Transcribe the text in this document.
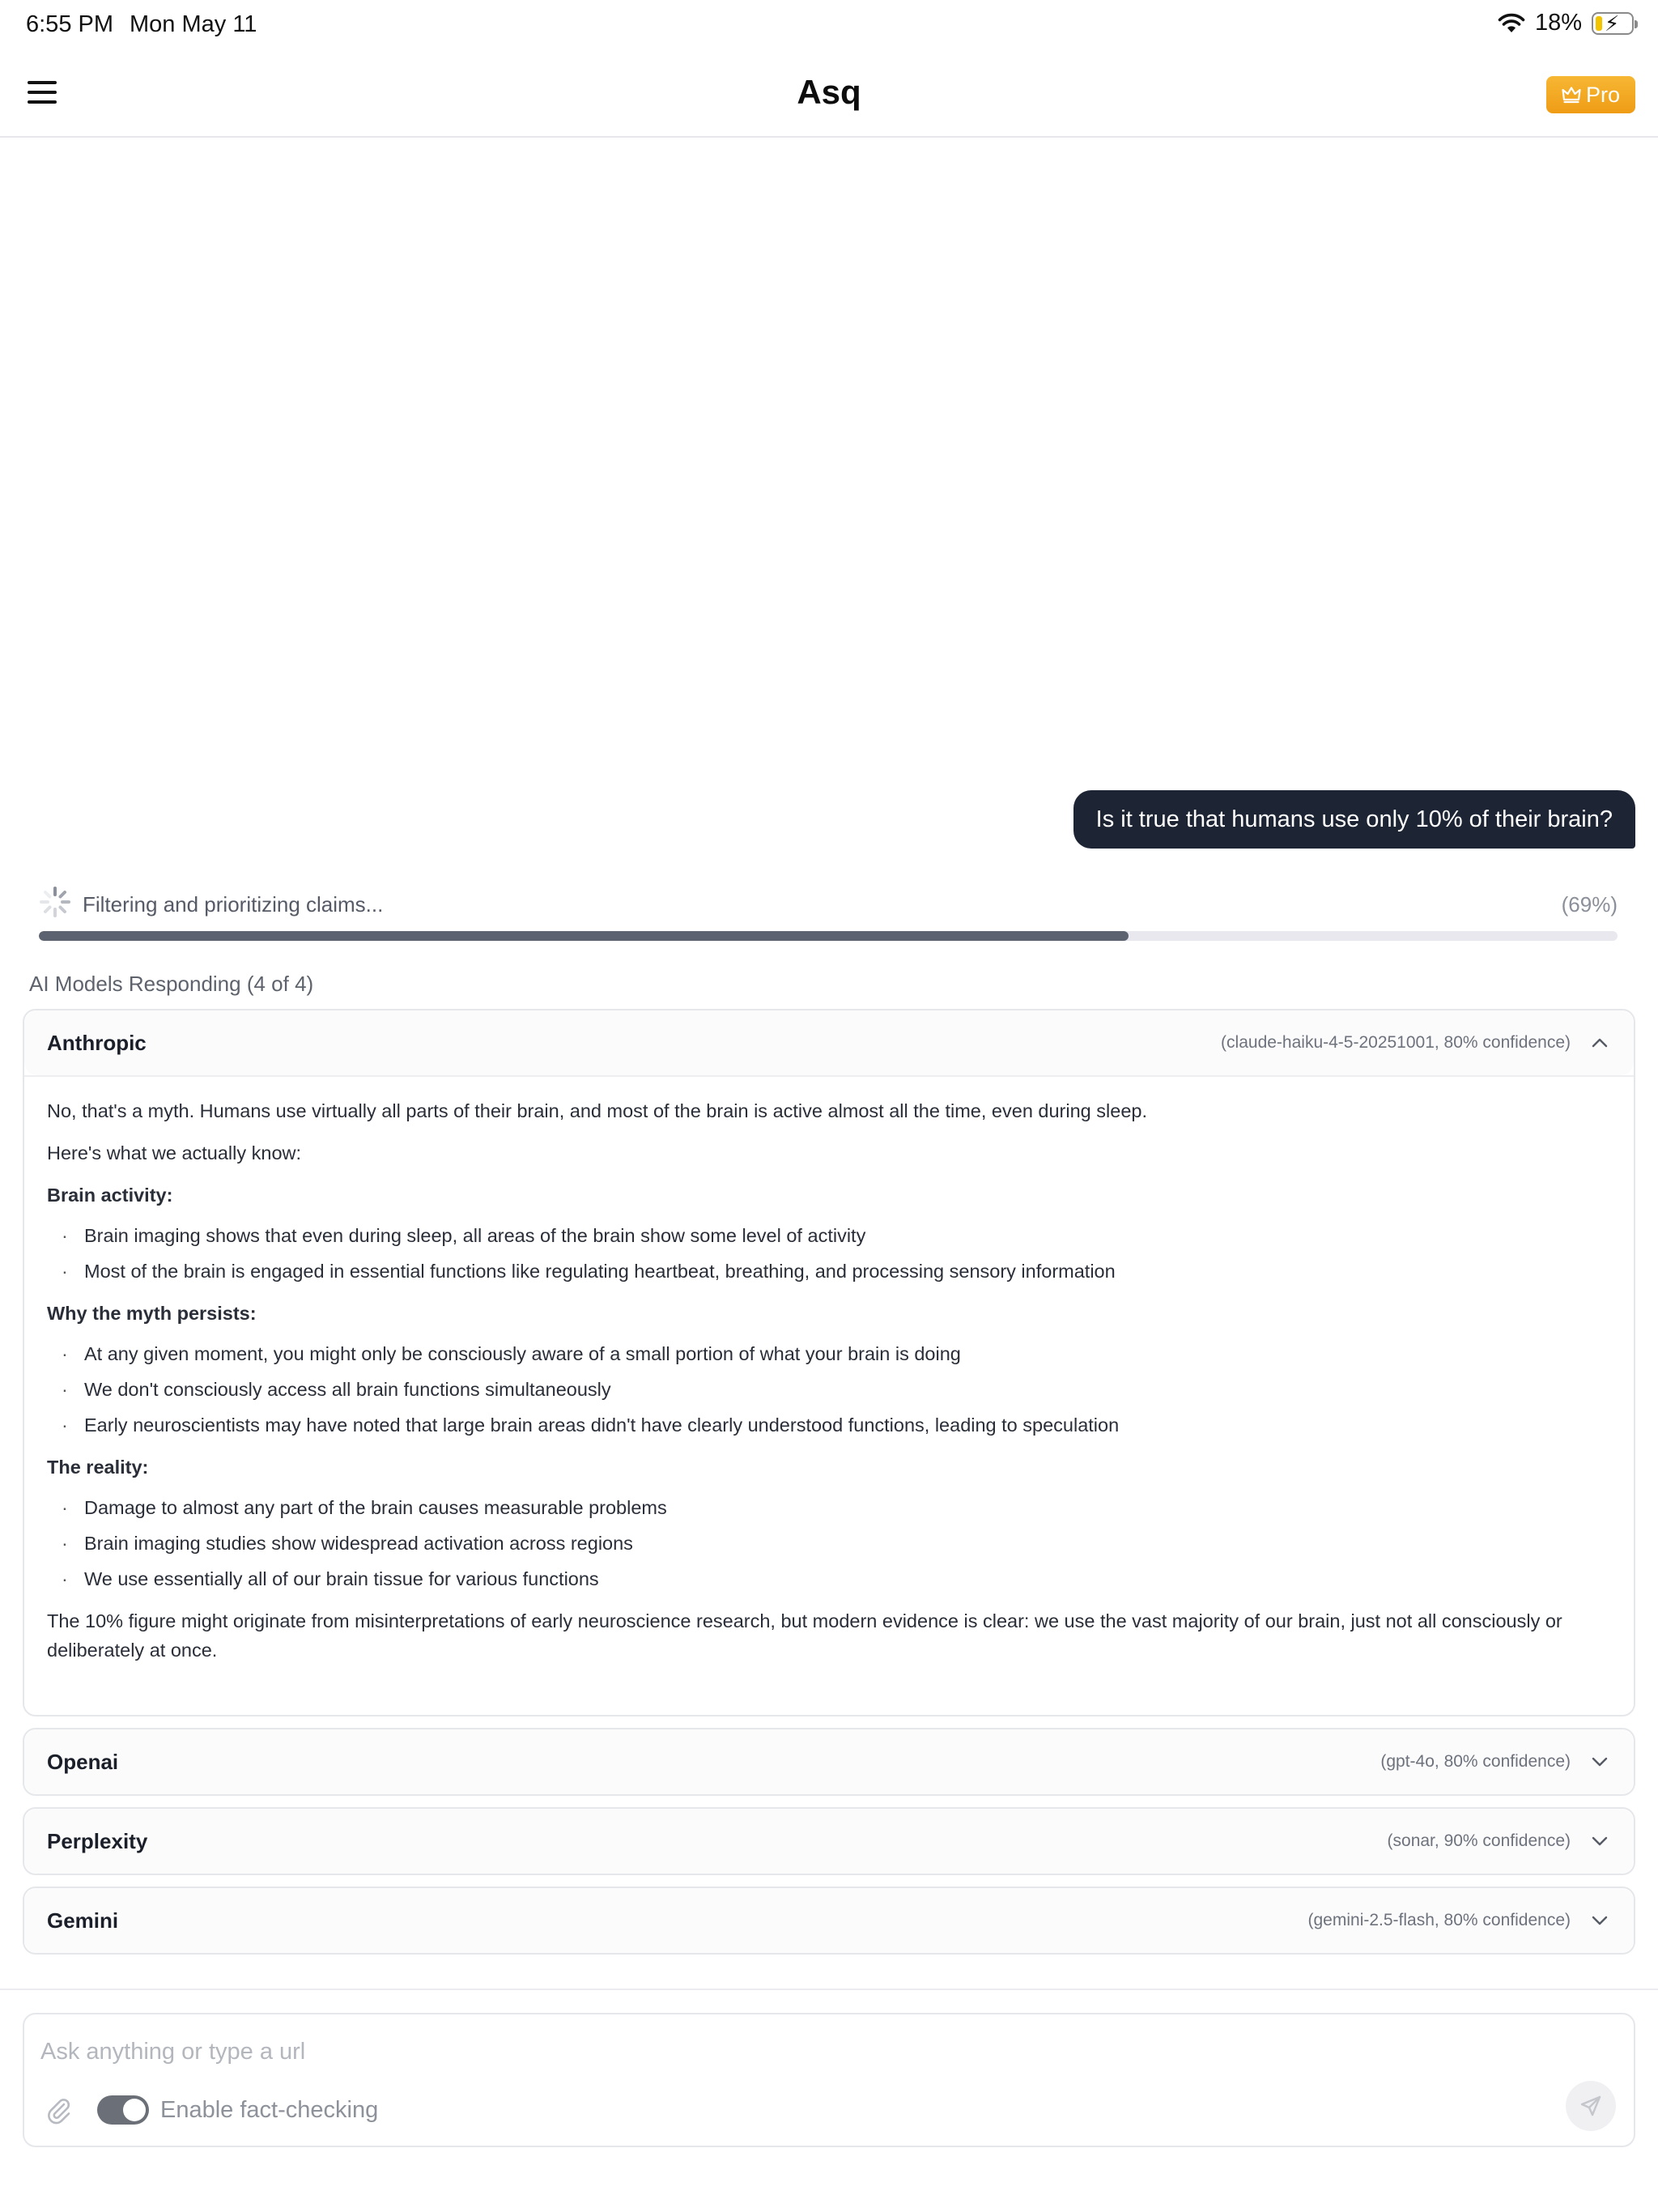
6:55 PM Mon May 11	18% ⚡
Asq	Pro
Is it true that humans use only 10% of their brain?
Filtering and prioritizing claims...	(69%)
AI Models Responding (4 of 4)
Anthropic	(claude-haiku-4-5-20251001, 80% confidence)

No, that's a myth. Humans use virtually all parts of their brain, and most of the brain is active almost all the time, even during sleep.

Here's what we actually know:

Brain activity:

· Brain imaging shows that even during sleep, all areas of the brain show some level of activity
· Most of the brain is engaged in essential functions like regulating heartbeat, breathing, and processing sensory information

Why the myth persists:

· At any given moment, you might only be consciously aware of a small portion of what your brain is doing
· We don't consciously access all brain functions simultaneously
· Early neuroscientists may have noted that large brain areas didn't have clearly understood functions, leading to speculation

The reality:

· Damage to almost any part of the brain causes measurable problems
· Brain imaging studies show widespread activation across regions
· We use essentially all of our brain tissue for various functions

The 10% figure might originate from misinterpretations of early neuroscience research, but modern evidence is clear: we use the vast majority of our brain, just not all consciously or deliberately at once.

Openai	(gpt-4o, 80% confidence)
Perplexity	(sonar, 90% confidence)
Gemini	(gemini-2.5-flash, 80% confidence)
Ask anything or type a url
Enable fact-checking
